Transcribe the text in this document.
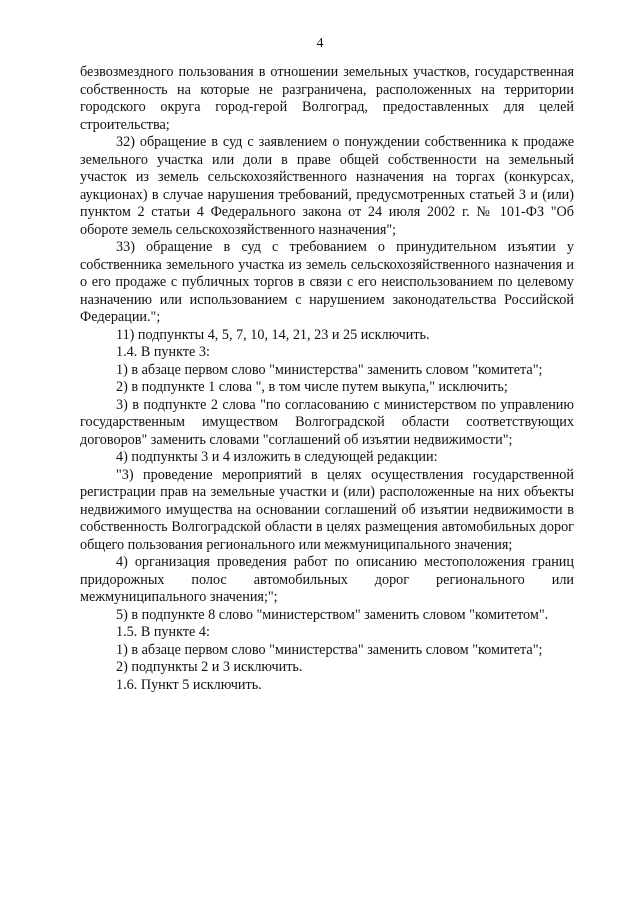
4

безвозмездного пользования в отношении земельных участков, государственная собственность на которые не разграничена, расположенных на территории городского округа город-герой Волгоград, предоставленных для целей строительства;

32) обращение в суд с заявлением о понуждении собственника к продаже земельного участка или доли в праве общей собственности на земельный участок из земель сельскохозяйственного назначения на торгах (конкурсах, аукционах) в случае нарушения требований, предусмотренных статьей 3 и (или) пунктом 2 статьи 4 Федерального закона от 24 июля 2002 г. № 101-ФЗ "Об обороте земель сельскохозяйственного назначения";

33) обращение в суд с требованием о принудительном изъятии у собственника земельного участка из земель сельскохозяйственного назначения и о его продаже с публичных торгов в связи с его неиспользованием по целевому назначению или использованием с нарушением законодательства Российской Федерации.";

11) подпункты 4, 5, 7, 10, 14, 21, 23 и 25 исключить.

1.4. В пункте 3:

1) в абзаце первом слово "министерства" заменить словом "комитета";

2) в подпункте 1 слова ", в том числе путем выкупа," исключить;

3) в подпункте 2 слова "по согласованию с министерством по управлению государственным имуществом Волгоградской области соответствующих договоров" заменить словами "соглашений об изъятии недвижимости";

4) подпункты 3 и 4 изложить в следующей редакции:

"3) проведение мероприятий в целях осуществления государственной регистрации прав на земельные участки и (или) расположенные на них объекты недвижимого имущества на основании соглашений об изъятии недвижимости в собственность Волгоградской области в целях размещения автомобильных дорог общего пользования регионального или межмуниципального значения;

4) организация проведения работ по описанию местоположения границ придорожных полос автомобильных дорог регионального или межмуниципального значения;";

5) в подпункте 8 слово "министерством" заменить словом "комитетом".

1.5. В пункте 4:

1) в абзаце первом слово "министерства" заменить словом "комитета";

2) подпункты 2 и 3 исключить.

1.6. Пункт 5 исключить.
